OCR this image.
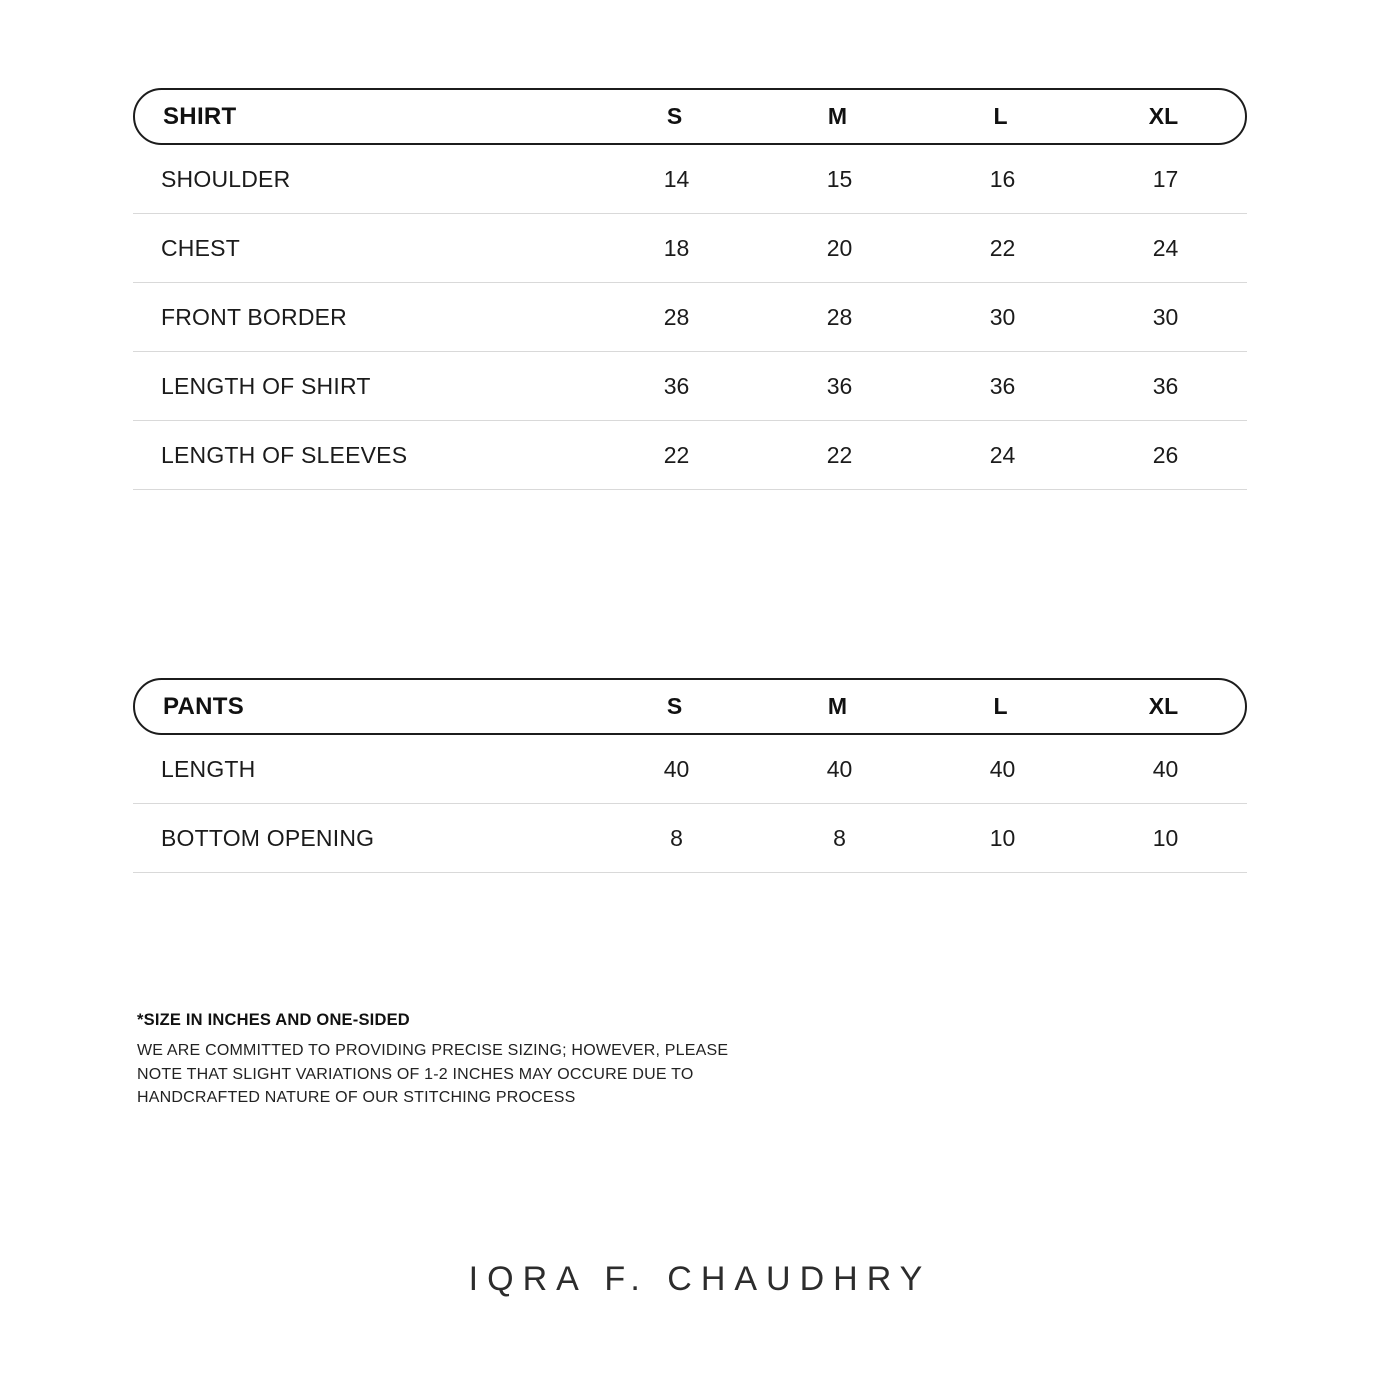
SHIRT	S	M	L	XL
SHOULDER	14	15	16	17
CHEST	18	20	22	24
FRONT BORDER	28	28	30	30
LENGTH OF SHIRT	36	36	36	36
LENGTH OF SLEEVES	22	22	24	26
PANTS	S	M	L	XL
LENGTH	40	40	40	40
BOTTOM OPENING	8	8	10	10
*SIZE IN INCHES AND ONE-SIDED
WE ARE COMMITTED TO PROVIDING PRECISE SIZING; HOWEVER, PLEASE
NOTE THAT SLIGHT VARIATIONS OF 1-2 INCHES MAY OCCURE DUE TO
HANDCRAFTED NATURE OF OUR STITCHING PROCESS
IQRA F. CHAUDHRY
